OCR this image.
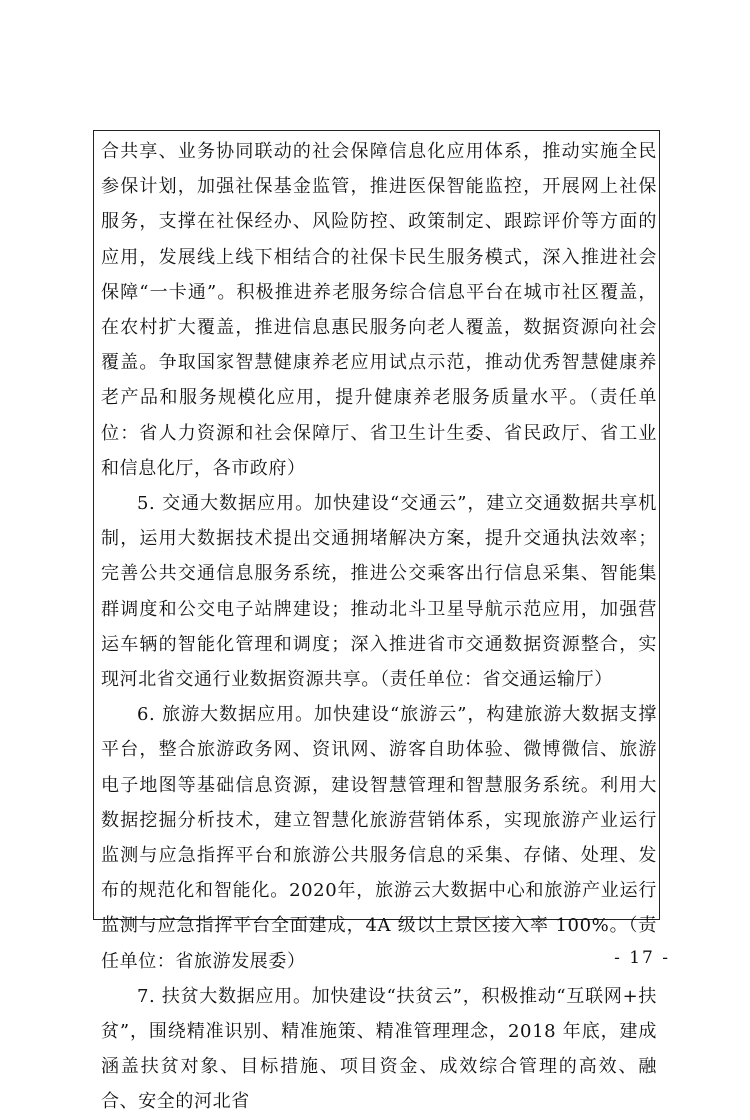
合共享、业务协同联动的社会保障信息化应用体系，推动实施全民参保计划，加强社保基金监管，推进医保智能监控，开展网上社保服务，支撑在社保经办、风险防控、政策制定、跟踪评价等方面的应用，发展线上线下相结合的社保卡民生服务模式，深入推进社会保障“一卡通”。积极推进养老服务综合信息平台在城市社区覆盖，在农村扩大覆盖，推进信息惠民服务向老人覆盖，数据资源向社会覆盖。争取国家智慧健康养老应用试点示范，推动优秀智慧健康养老产品和服务规模化应用，提升健康养老服务质量水平。（责任单位：省人力资源和社会保障厅、省卫生计生委、省民政厅、省工业和信息化厅，各市政府）

5. 交通大数据应用。加快建设“交通云”，建立交通数据共享机制，运用大数据技术提出交通拥堵解决方案，提升交通执法效率；完善公共交通信息服务系统，推进公交乘客出行信息采集、智能集群调度和公交电子站牌建设；推动北斗卫星导航示范应用，加强营运车辆的智能化管理和调度；深入推进省市交通数据资源整合，实现河北省交通行业数据资源共享。（责任单位：省交通运输厅）

6. 旅游大数据应用。加快建设“旅游云”，构建旅游大数据支撑平台，整合旅游政务网、资讯网、游客自助体验、微博微信、旅游电子地图等基础信息资源，建设智慧管理和智慧服务系统。利用大数据挖掘分析技术，建立智慧化旅游营销体系，实现旅游产业运行监测与应急指挥平台和旅游公共服务信息的采集、存储、处理、发布的规范化和智能化。2020年，旅游云大数据中心和旅游产业运行监测与应急指挥平台全面建成，4A 级以上景区接入率 100%。（责任单位：省旅游发展委）

7. 扶贫大数据应用。加快建设“扶贫云”，积极推动“互联网+扶贫”，围绕精准识别、精准施策、精准管理理念，2018 年底，建成涵盖扶贫对象、目标措施、项目资金、成效综合管理的高效、融合、安全的河北省

- 17 -
